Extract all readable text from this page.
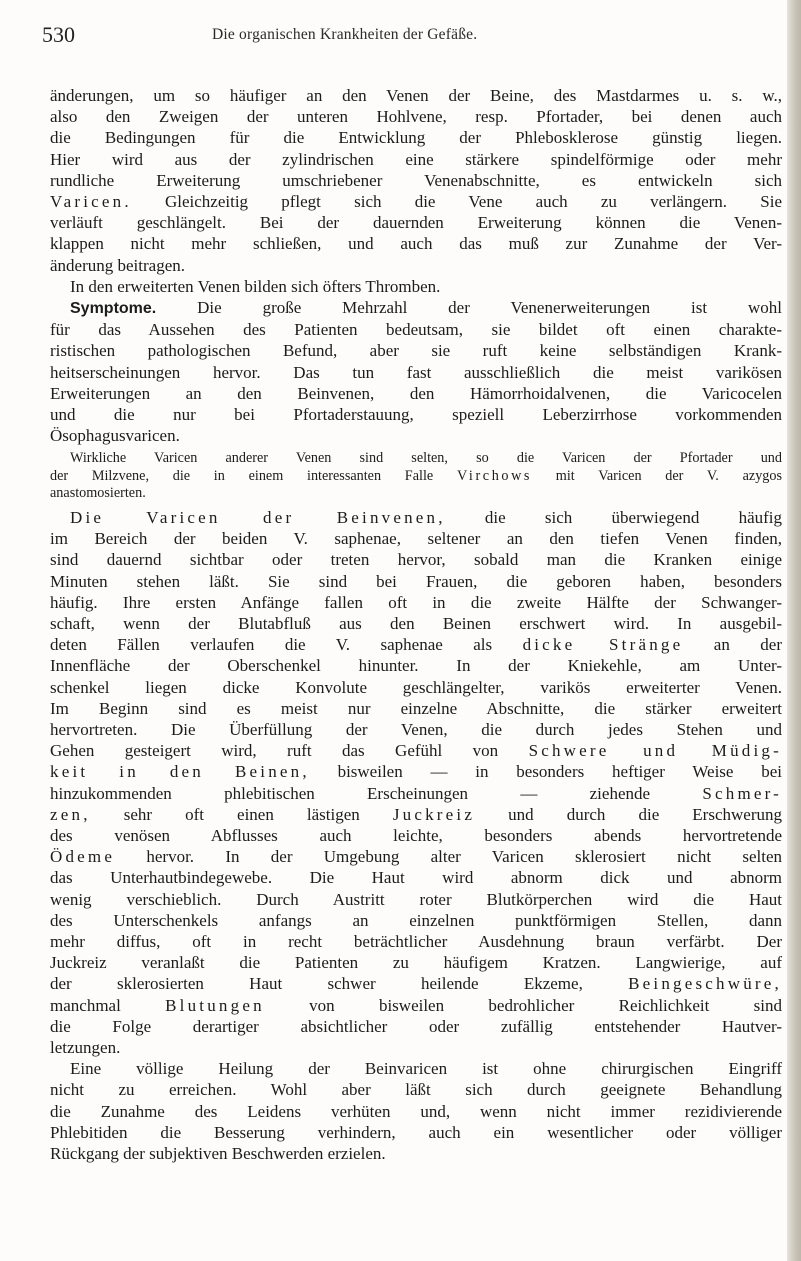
530	Die organischen Krankheiten der Gefäße.
änderungen, um so häufiger an den Venen der Beine, des Mastdarmes u. s. w.,
also den Zweigen der unteren Hohlvene, resp. Pfortader, bei denen auch
die Bedingungen für die Entwicklung der Phlebosklerose günstig liegen.
Hier wird aus der zylindrischen eine stärkere spindelförmige oder mehr
rundliche Erweiterung umschriebener Venenabschnitte, es entwickeln sich
Varicen. Gleichzeitig pflegt sich die Vene auch zu verlängern. Sie
verläuft geschlängelt. Bei der dauernden Erweiterung können die Venen-
klappen nicht mehr schließen, und auch das muß zur Zunahme der Ver-
änderung beitragen.
In den erweiterten Venen bilden sich öfters Thromben.
Symptome. Die große Mehrzahl der Venenerweiterungen ist wohl
für das Aussehen des Patienten bedeutsam, sie bildet oft einen charakte-
ristischen pathologischen Befund, aber sie ruft keine selbständigen Krank-
heitserscheinungen hervor. Das tun fast ausschließlich die meist varikösen
Erweiterungen an den Beinvenen, den Hämorrhoidalvenen, die Varicocelen
und die nur bei Pfortaderstauung, speziell Leberzirrhose vorkommenden
Ösophagusvaricen.
Wirkliche Varicen anderer Venen sind selten, so die Varicen der Pfortader und
der Milzvene, die in einem interessanten Falle Virchows mit Varicen der V. azygos
anastomosierten.
Die Varicen der Beinvenen, die sich überwiegend häufig
im Bereich der beiden V. saphenae, seltener an den tiefen Venen finden,
sind dauernd sichtbar oder treten hervor, sobald man die Kranken einige
Minuten stehen läßt. Sie sind bei Frauen, die geboren haben, besonders
häufig. Ihre ersten Anfänge fallen oft in die zweite Hälfte der Schwanger-
schaft, wenn der Blutabfluß aus den Beinen erschwert wird. In ausgebil-
deten Fällen verlaufen die V. saphenae als dicke Stränge an der
Innenfläche der Oberschenkel hinunter. In der Kniekehle, am Unter-
schenkel liegen dicke Konvolute geschlängelter, varikös erweiterter Venen.
Im Beginn sind es meist nur einzelne Abschnitte, die stärker erweitert
hervortreten. Die Überfüllung der Venen, die durch jedes Stehen und
Gehen gesteigert wird, ruft das Gefühl von Schwere und Müdig-
keit in den Beinen, bisweilen — in besonders heftiger Weise bei
hinzukommenden phlebitischen Erscheinungen — ziehende Schmer-
zen, sehr oft einen lästigen Juckreiz und durch die Erschwerung
des venösen Abflusses auch leichte, besonders abends hervortretende
Ödeme hervor. In der Umgebung alter Varicen sklerosiert nicht selten
das Unterhautbindegewebe. Die Haut wird abnorm dick und abnorm
wenig verschieblich. Durch Austritt roter Blutkörperchen wird die Haut
des Unterschenkels anfangs an einzelnen punktförmigen Stellen, dann
mehr diffus, oft in recht beträchtlicher Ausdehnung braun verfärbt. Der
Juckreiz veranlaßt die Patienten zu häufigem Kratzen. Langwierige, auf
der sklerosierten Haut schwer heilende Ekzeme, Beingeschwüre,
manchmal Blutungen von bisweilen bedrohlicher Reichlichkeit sind
die Folge derartiger absichtlicher oder zufällig entstehender Hautver-
letzungen.
Eine völlige Heilung der Beinvaricen ist ohne chirurgischen Eingriff
nicht zu erreichen. Wohl aber läßt sich durch geeignete Behandlung
die Zunahme des Leidens verhüten und, wenn nicht immer rezidivierende
Phlebitiden die Besserung verhindern, auch ein wesentlicher oder völliger
Rückgang der subjektiven Beschwerden erzielen.
